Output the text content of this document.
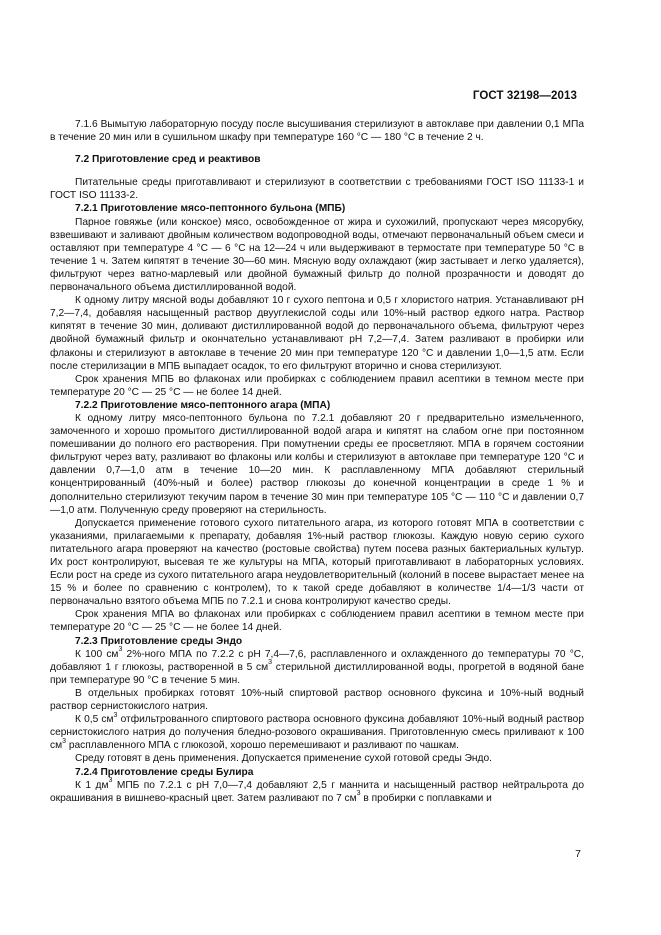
ГОСТ 32198—2013

7.1.6 Вымытую лабораторную посуду после высушивания стерилизуют в автоклаве при давлении 0,1 МПа в течение 20 мин или в сушильном шкафу при температуре 160 °C — 180 °C в течение 2 ч.

7.2 Приготовление сред и реактивов

Питательные среды приготавливают и стерилизуют в соответствии с требованиями ГОСТ ISO 11133-1 и ГОСТ ISO 11133-2.

7.2.1 Приготовление мясо-пептонного бульона (МПБ)

Парное говяжье (или конское) мясо, освобожденное от жира и сухожилий, пропускают через мясорубку, взвешивают и заливают двойным количеством водопроводной воды, отмечают первоначальный объем смеси и оставляют при температуре 4 °C — 6 °C на 12—24 ч или выдерживают в термостате при температуре 50 °C в течение 1 ч. Затем кипятят в течение 30—60 мин. Мясную воду охлаждают (жир застывает и легко удаляется), фильтруют через ватно-марлевый или двойной бумажный фильтр до полной прозрачности и доводят до первоначального объема дистиллированной водой.

К одному литру мясной воды добавляют 10 г сухого пептона и 0,5 г хлористого натрия. Устанавливают pH 7,2—7,4, добавляя насыщенный раствор двууглекислой соды или 10%-ный раствор едкого натра. Раствор кипятят в течение 30 мин, доливают дистиллированной водой до первоначального объема, фильтруют через двойной бумажный фильтр и окончательно устанавливают pH 7,2—7,4. Затем разливают в пробирки или флаконы и стерилизуют в автоклаве в течение 20 мин при температуре 120 °C и давлении 1,0—1,5 атм. Если после стерилизации в МПБ выпадает осадок, то его фильтруют вторично и снова стерилизуют.

Срок хранения МПБ во флаконах или пробирках с соблюдением правил асептики в темном месте при температуре 20 °C — 25 °C — не более 14 дней.

7.2.2 Приготовление мясо-пептонного агара (МПА)

К одному литру мясо-пептонного бульона по 7.2.1 добавляют 20 г предварительно измельченного, замоченного и хорошо промытого дистиллированной водой агара и кипятят на слабом огне при постоянном помешивании до полного его растворения. При помутнении среды ее просветляют. МПА в горячем состоянии фильтруют через вату, разливают во флаконы или колбы и стерилизуют в автоклаве при температуре 120 °C и давлении 0,7—1,0 атм в течение 10—20 мин. К расплавленному МПА добавляют стерильный концентрированный (40%-ный и более) раствор глюкозы до конечной концентрации в среде 1 % и дополнительно стерилизуют текучим паром в течение 30 мин при температуре 105 °C — 110 °C и давлении 0,7—1,0 атм. Полученную среду проверяют на стерильность.

Допускается применение готового сухого питательного агара, из которого готовят МПА в соответствии с указаниями, прилагаемыми к препарату, добавляя 1%-ный раствор глюкозы. Каждую новую серию сухого питательного агара проверяют на качество (ростовые свойства) путем посева разных бактериальных культур. Их рост контролируют, высевая те же культуры на МПА, который приготавливают в лабораторных условиях. Если рост на среде из сухого питательного агара неудовлетворительный (колоний в посеве вырастает менее на 15 % и более по сравнению с контролем), то к такой среде добавляют в количестве 1/4—1/3 части от первоначально взятого объема МПБ по 7.2.1 и снова контролируют качество среды.

Срок хранения МПА во флаконах или пробирках с соблюдением правил асептики в темном месте при температуре 20 °C — 25 °C — не более 14 дней.

7.2.3 Приготовление среды Эндо

К 100 $см^3$ 2%-ного МПА по 7.2.2 с pH 7,4—7,6, расплавленного и охлажденного до температуры 70 °C, добавляют 1 г глюкозы, растворенной в 5 $см^3$ стерильной дистиллированной воды, прогретой в водяной бане при температуре 90 °C в течение 5 мин.

В отдельных пробирках готовят 10%-ный спиртовой раствор основного фуксина и 10%-ный водный раствор сернистокислого натрия.

К 0,5 $см^3$ отфильтрованного спиртового раствора основного фуксина добавляют 10%-ный водный раствор сернистокислого натрия до получения бледно-розового окрашивания. Приготовленную смесь приливают к 100 $см^3$ расплавленного МПА с глюкозой, хорошо перемешивают и разливают по чашкам.

Среду готовят в день применения. Допускается применение сухой готовой среды Эндо.

7.2.4 Приготовление среды Булира

К 1 $дм^3$ МПБ по 7.2.1 с pH 7,0—7,4 добавляют 2,5 г маннита и насыщенный раствор нейтральрота до окрашивания в вишнево-красный цвет. Затем разливают по 7 $см^3$ в пробирки с поплавками и

7
